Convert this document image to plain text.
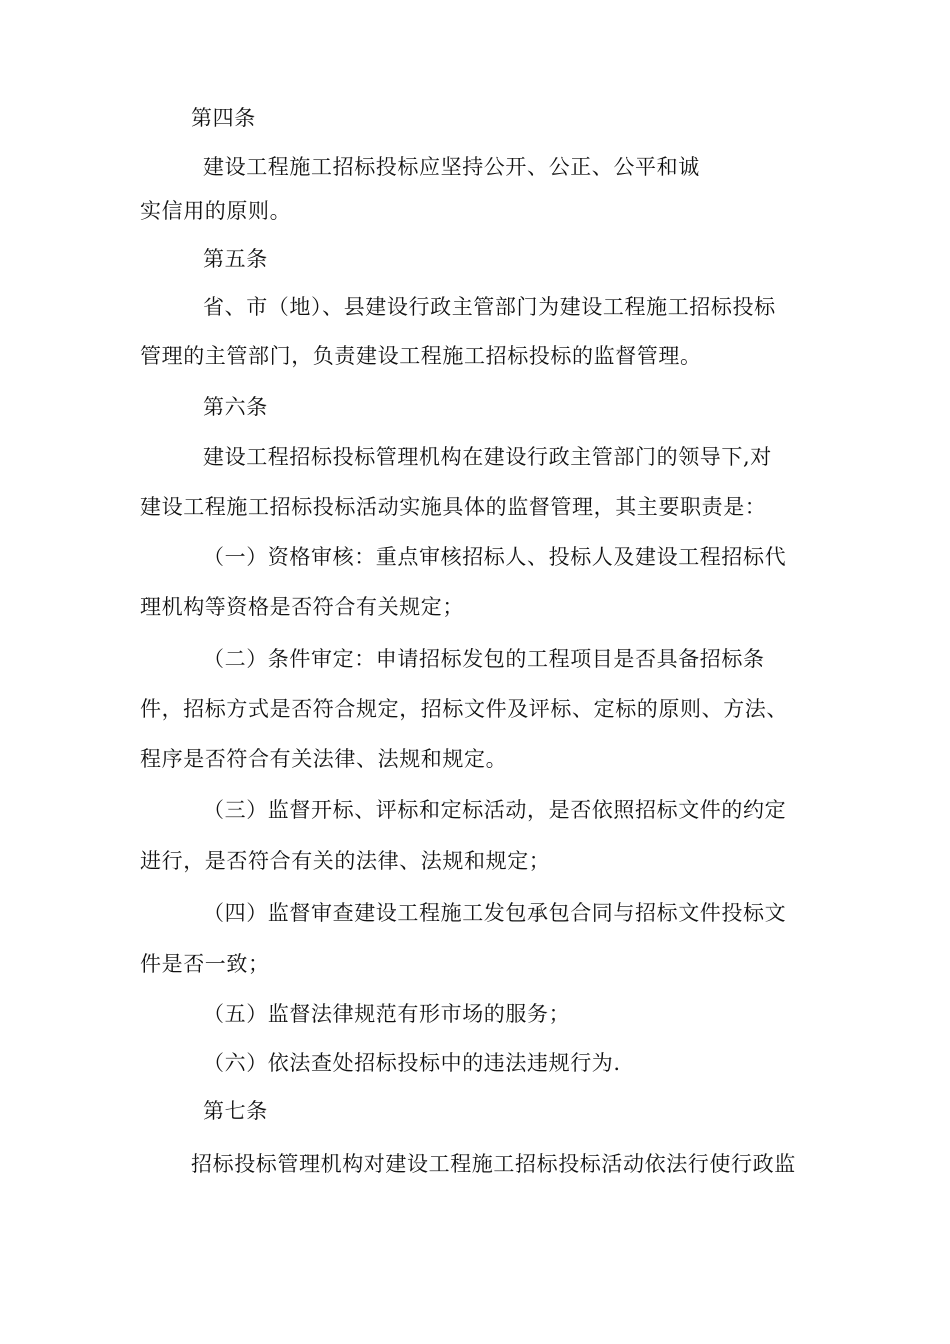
第四条
建设工程施工招标投标应坚持公开、公正、公平和诚
实信用的原则。
第五条
省、市（地）、县建设行政主管部门为建设工程施工招标投标
管理的主管部门，负责建设工程施工招标投标的监督管理。
第六条
建设工程招标投标管理机构在建设行政主管部门的领导下,对
建设工程施工招标投标活动实施具体的监督管理，其主要职责是：
（一）资格审核：重点审核招标人、投标人及建设工程招标代
理机构等资格是否符合有关规定；
（二）条件审定：申请招标发包的工程项目是否具备招标条
件，招标方式是否符合规定，招标文件及评标、定标的原则、方法、
程序是否符合有关法律、法规和规定。
（三）监督开标、评标和定标活动，是否依照招标文件的约定
进行，是否符合有关的法律、法规和规定；
（四）监督审查建设工程施工发包承包合同与招标文件投标文
件是否一致；
（五）监督法律规范有形市场的服务；
（六）依法查处招标投标中的违法违规行为.
第七条
招标投标管理机构对建设工程施工招标投标活动依法行使行政监
